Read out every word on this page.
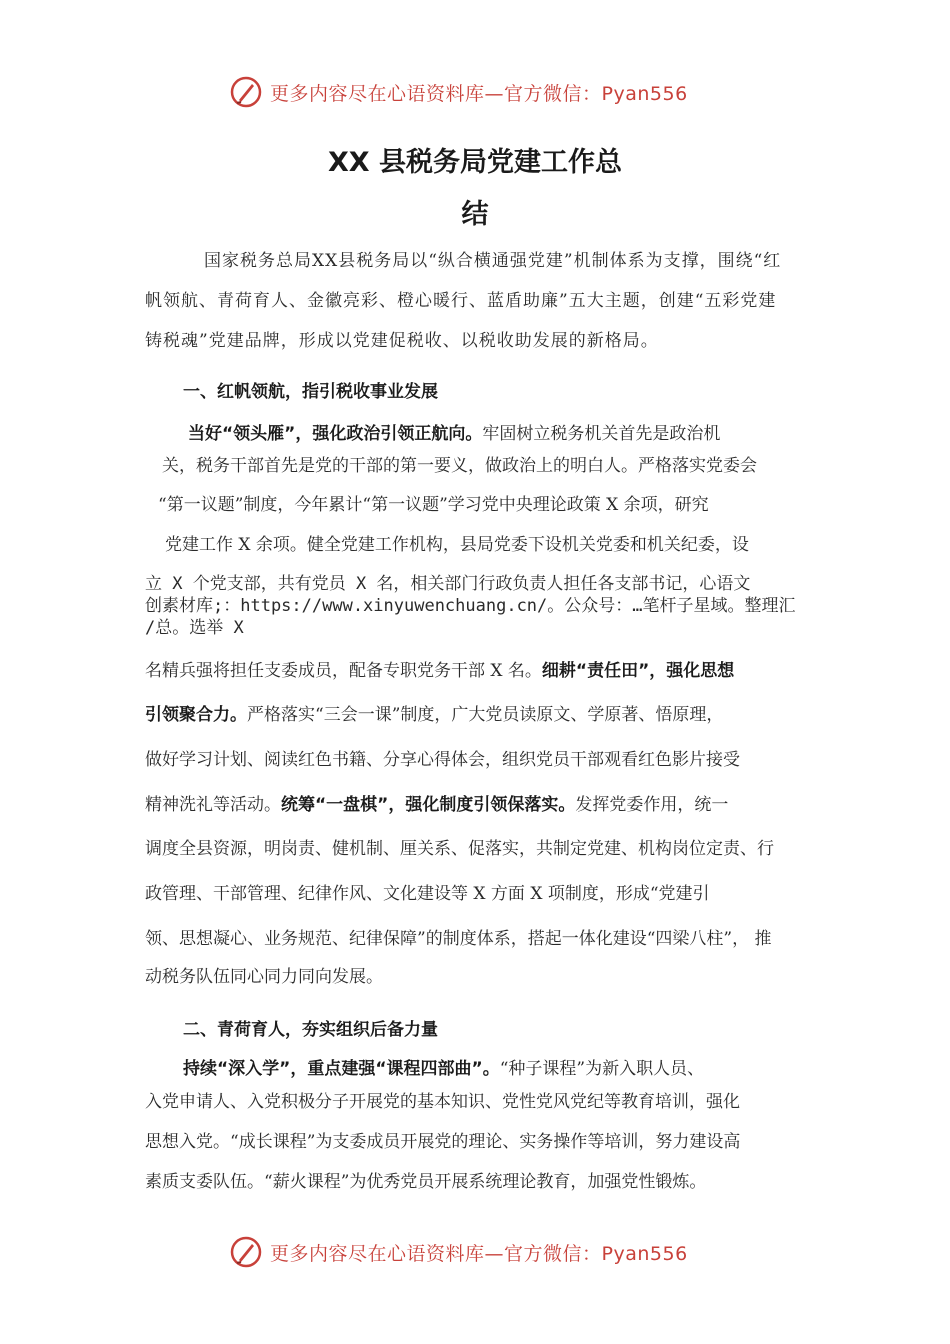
更多内容尽在心语资料库—官方微信：Pyan556
XX 县税务局党建工作总
结
国家税务总局XX县税务局以“纵合横通强党建”机制体系为支撑，围绕“红
帆领航、青荷育人、金徽亮彩、橙心暖行、蓝盾助廉”五大主题，创建“五彩党建
铸税魂”党建品牌，形成以党建促税收、以税收助发展的新格局。
一、红帆领航，指引税收事业发展
当好“领头雁”，强化政治引领正航向。牢固树立税务机关首先是政治机
关，税务干部首先是党的干部的第一要义，做政治上的明白人。严格落实党委会
“第一议题”制度，今年累计“第一议题”学习党中央理论政策 X 余项，研究
党建工作 X 余项。健全党建工作机构，县局党委下设机关党委和机关纪委，设
立 X 个党支部，共有党员 X 名，相关部门行政负责人担任各支部书记，心语文
创素材库;：https://www.xinyuwenchuang.cn/。公众号：…笔杆子星域。整理汇
/总。选举 X
名精兵强将担任支委成员，配备专职党务干部 X 名。细耕“责任田”，强化思想
引领聚合力。严格落实“三会一课”制度，广大党员读原文、学原著、悟原理，
做好学习计划、阅读红色书籍、分享心得体会，组织党员干部观看红色影片接受
精神洗礼等活动。统筹“一盘棋”，强化制度引领保落实。发挥党委作用，统一
调度全县资源，明岗责、健机制、厘关系、促落实，共制定党建、机构岗位定责、行
政管理、干部管理、纪律作风、文化建设等 X 方面 X 项制度，形成“党建引
领、思想凝心、业务规范、纪律保障”的制度体系，搭起一体化建设“四梁八柱”， 推
动税务队伍同心同力同向发展。
二、青荷育人，夯实组织后备力量
持续“深入学”，重点建强“课程四部曲”。“种子课程”为新入职人员、
入党申请人、入党积极分子开展党的基本知识、党性党风党纪等教育培训，强化
思想入党。“成长课程”为支委成员开展党的理论、实务操作等培训，努力建设高
素质支委队伍。“薪火课程”为优秀党员开展系统理论教育，加强党性锻炼。
更多内容尽在心语资料库—官方微信：Pyan556
